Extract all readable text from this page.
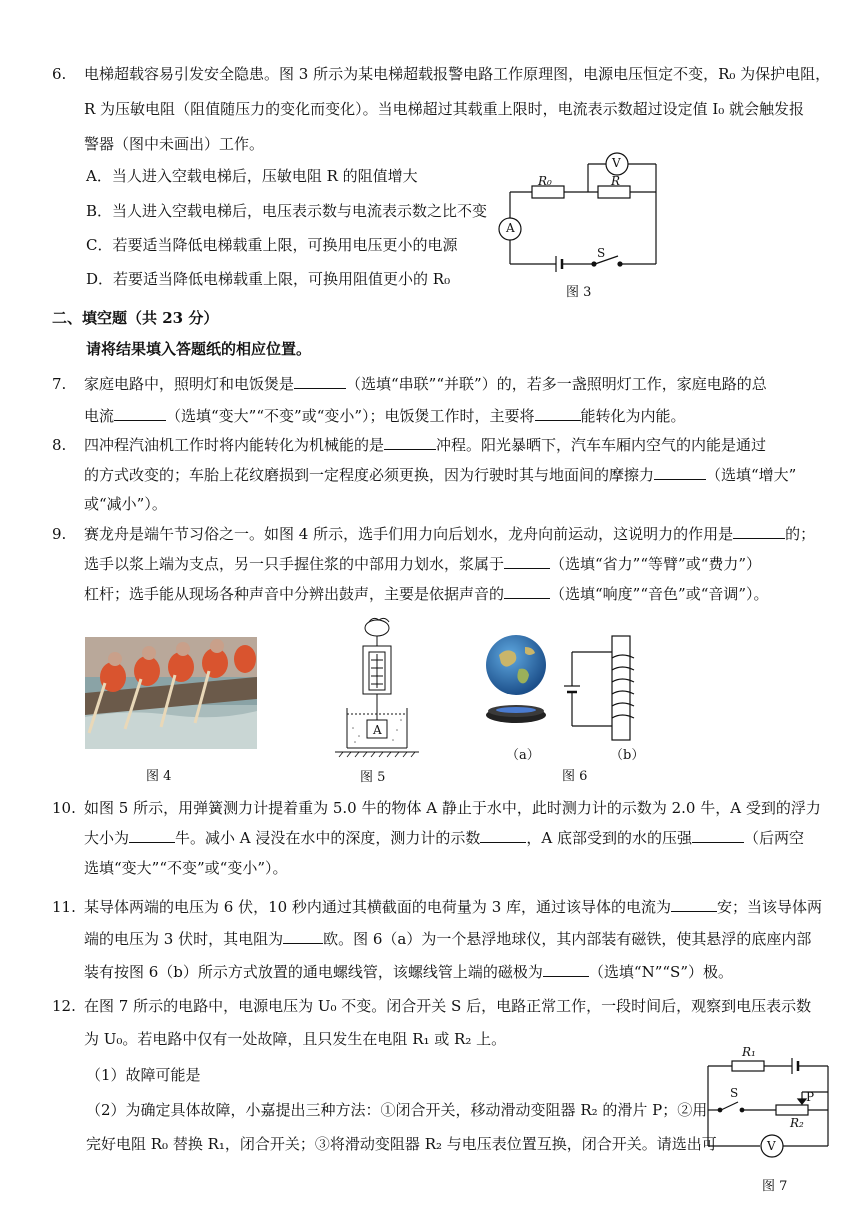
6. 电梯超载容易引发安全隐患。图 3 所示为某电梯超载报警电路工作原理图，电源电压恒定不变，R₀ 为保护电阻，
R 为压敏电阻（阻值随压力的变化而变化）。当电梯超过其载重上限时，电流表示数超过设定值 I₀ 就会触发报
警器（图中未画出）工作。
A．当人进入空载电梯后，压敏电阻 R 的阻值增大
B．当人进入空载电梯后，电压表示数与电流表示数之比不变
C．若要适当降低电梯载重上限，可换用电压更小的电源
D．若要适当降低电梯载重上限，可换用阻值更小的 R₀
R₀	R
V
A
S
图 3
二、填空题（共 23 分）
请将结果填入答题纸的相应位置。
7. 家庭电路中，照明灯和电饭煲是	（选填“串联”“并联”）的，若多一盏照明灯工作，家庭电路的总
电流	（选填“变大”“不变”或“变小”）；电饭煲工作时，主要将	能转化为内能。
8. 四冲程汽油机工作时将内能转化为机械能的是	冲程。阳光暴晒下，汽车车厢内空气的内能是通过
的方式改变的；车胎上花纹磨损到一定程度必须更换，因为行驶时其与地面间的摩擦力	（选填“增大”
或“减小”）。
9. 赛龙舟是端午节习俗之一。如图 4 所示，选手们用力向后划水，龙舟向前运动，这说明力的作用是	的；
选手以浆上端为支点，另一只手握住浆的中部用力划水，浆属于	（选填“省力”“等臂”或“费力”）
杠杆；选手能从现场各种声音中分辨出鼓声，主要是依据声音的	（选填“响度”“音色”或“音调”）。
图 4
A
图 5
（a）	（b）
图 6
10. 如图 5 所示，用弹簧测力计提着重为 5.0 牛的物体 A 静止于水中，此时测力计的示数为 2.0 牛，A 受到的浮力
大小为	牛。减小 A 浸没在水中的深度，测力计的示数	，A 底部受到的水的压强	（后两空
选填“变大”“不变”或“变小”）。
11. 某导体两端的电压为 6 伏，10 秒内通过其横截面的电荷量为 3 库，通过该导体的电流为	安；当该导体两
端的电压为 3 伏时，其电阻为	欧。图 6（a）为一个悬浮地球仪，其内部装有磁铁，使其悬浮的底座内部
装有按图 6（b）所示方式放置的通电螺线管，该螺线管上端的磁极为	（选填“N”“S”）极。
12. 在图 7 所示的电路中，电源电压为 U₀ 不变。闭合开关 S 后，电路正常工作，一段时间后，观察到电压表示数
为 U₀。若电路中仅有一处故障，且只发生在电阻 R₁ 或 R₂ 上。
（1）故障可能是
（2）为确定具体故障，小嘉提出三种方法：①闭合开关，移动滑动变阻器 R₂ 的滑片 P；②用
完好电阻 R₀ 替换 R₁，闭合开关；③将滑动变阻器 R₂ 与电压表位置互换，闭合开关。请选出可
R₁
S	P
R₂
V
图 7
